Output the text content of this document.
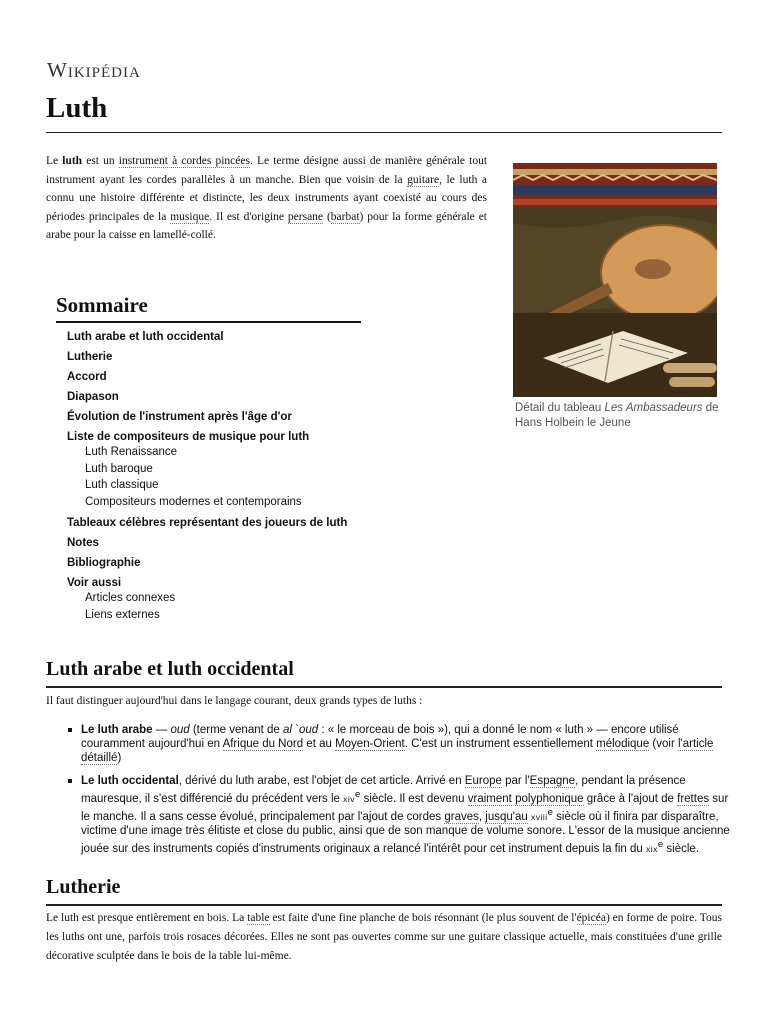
Wikipédia
Luth

Le luth est un instrument à cordes pincées. Le terme désigne aussi de manière générale tout instrument ayant les cordes parallèles à un manche. Bien que voisin de la guitare, le luth a connu une histoire différente et distincte, les deux instruments ayant coexisté au cours des périodes principales de la musique. Il est d'origine persane (barbat) pour la forme générale et arabe pour la caisse en lamellé-collé.

Détail du tableau Les Ambassadeurs de Hans Holbein le Jeune
Sommaire
Luth arabe et luth occidental
Lutherie
Accord
Diapason
Évolution de l'instrument après l'âge d'or
Liste de compositeurs de musique pour luth
Luth Renaissance
Luth baroque
Luth classique
Compositeurs modernes et contemporains
Tableaux célèbres représentant des joueurs de luth
Notes
Bibliographie
Voir aussi
Articles connexes
Liens externes
Luth arabe et luth occidental

Il faut distinguer aujourd'hui dans le langage courant, deux grands types de luths :

Le luth arabe — oud (terme venant de al `oud : « le morceau de bois »), qui a donné le nom « luth » — encore utilisé couramment aujourd'hui en Afrique du Nord et au Moyen-Orient. C'est un instrument essentiellement mélodique (voir l'article détaillé)
Le luth occidental, dérivé du luth arabe, est l'objet de cet article. Arrivé en Europe par l'Espagne, pendant la présence mauresque, il s'est différencié du précédent vers le xiv$^e$ siècle. Il est devenu vraiment polyphonique grâce à l'ajout de frettes sur le manche. Il a sans cesse évolué, principalement par l'ajout de cordes graves, jusqu'au xviii$^e$ siècle où il finira par disparaître, victime d'une image très élitiste et close du public, ainsi que de son manque de volume sonore. L'essor de la musique ancienne jouée sur des instruments copiés d'instruments originaux a relancé l'intérêt pour cet instrument depuis la fin du xix$^e$ siècle.
Lutherie

Le luth est presque entièrement en bois. La table est faite d'une fine planche de bois résonnant (le plus souvent de l'épicéa) en forme de poire. Tous les luths ont une, parfois trois rosaces décorées. Elles ne sont pas ouvertes comme sur une guitare classique actuelle, mais constituées d'une grille décorative sculptée dans le bois de la table lui-même.
